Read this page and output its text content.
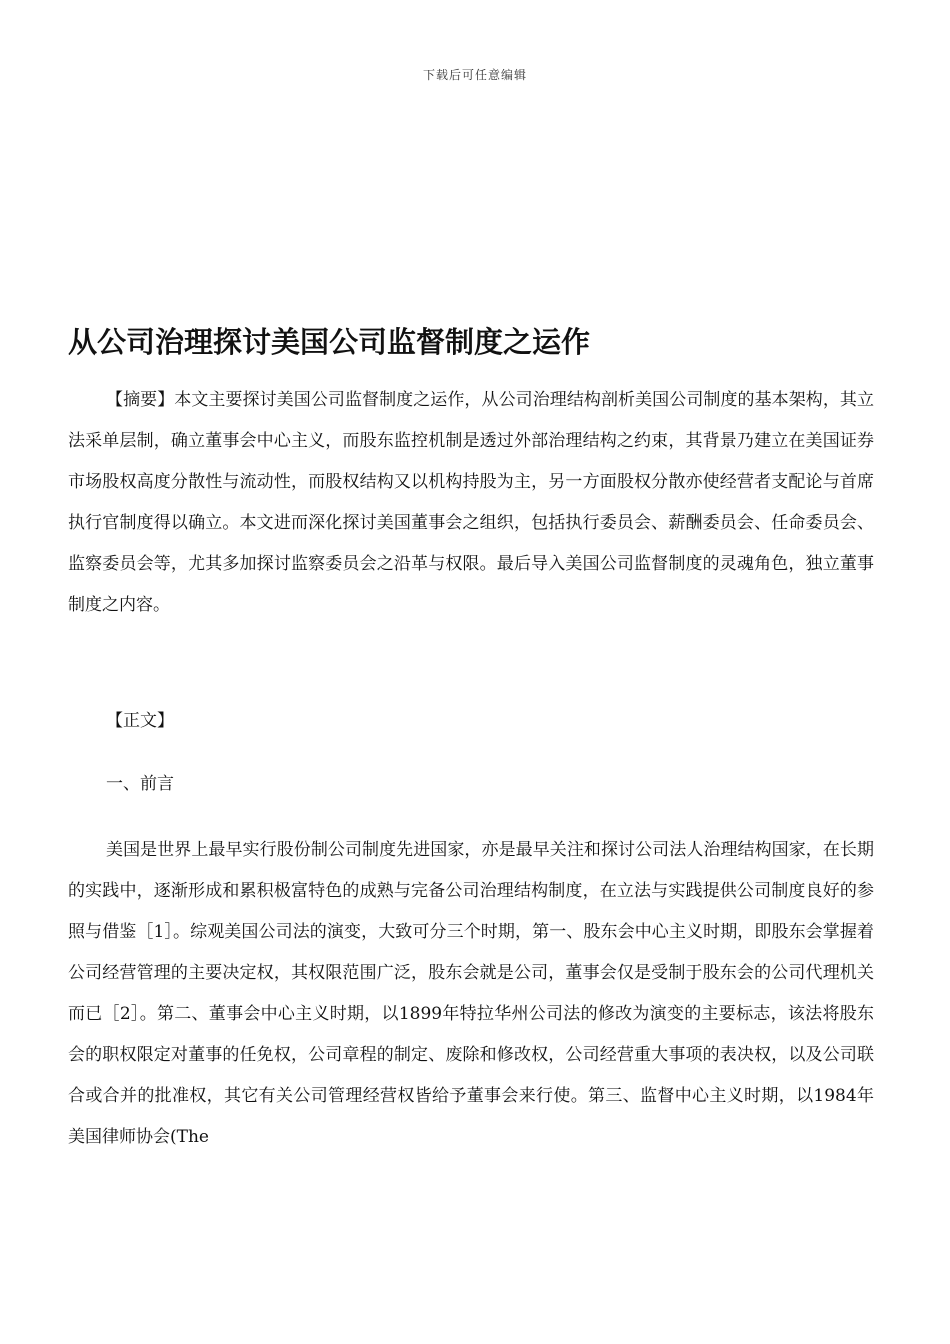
下载后可任意编辑
从公司治理探讨美国公司监督制度之运作

【摘要】本文主要探讨美国公司监督制度之运作，从公司治理结构剖析美国公司制度的基本架构，其立法采单层制，确立董事会中心主义，而股东监控机制是透过外部治理结构之约束，其背景乃建立在美国证券市场股权高度分散性与流动性，而股权结构又以机构持股为主，另一方面股权分散亦使经营者支配论与首席执行官制度得以确立。本文进而深化探讨美国董事会之组织，包括执行委员会、薪酬委员会、任命委员会、监察委员会等，尤其多加探讨监察委员会之沿革与权限。最后导入美国公司监督制度的灵魂角色，独立董事制度之内容。

【正文】

一、前言

美国是世界上最早实行股份制公司制度先进国家，亦是最早关注和探讨公司法人治理结构国家，在长期的实践中，逐渐形成和累积极富特色的成熟与完备公司治理结构制度，在立法与实践提供公司制度良好的参照与借鉴［1］。综观美国公司法的演变，大致可分三个时期，第一、股东会中心主义时期，即股东会掌握着公司经营管理的主要决定权，其权限范围广泛，股东会就是公司，董事会仅是受制于股东会的公司代理机关而已［2］。第二、董事会中心主义时期，以1899年特拉华州公司法的修改为演变的主要标志，该法将股东会的职权限定对董事的任免权，公司章程的制定、废除和修改权，公司经营重大事项的表决权，以及公司联合或合并的批准权，其它有关公司管理经营权皆给予董事会来行使。第三、监督中心主义时期，以1984年美国律师协会(The
